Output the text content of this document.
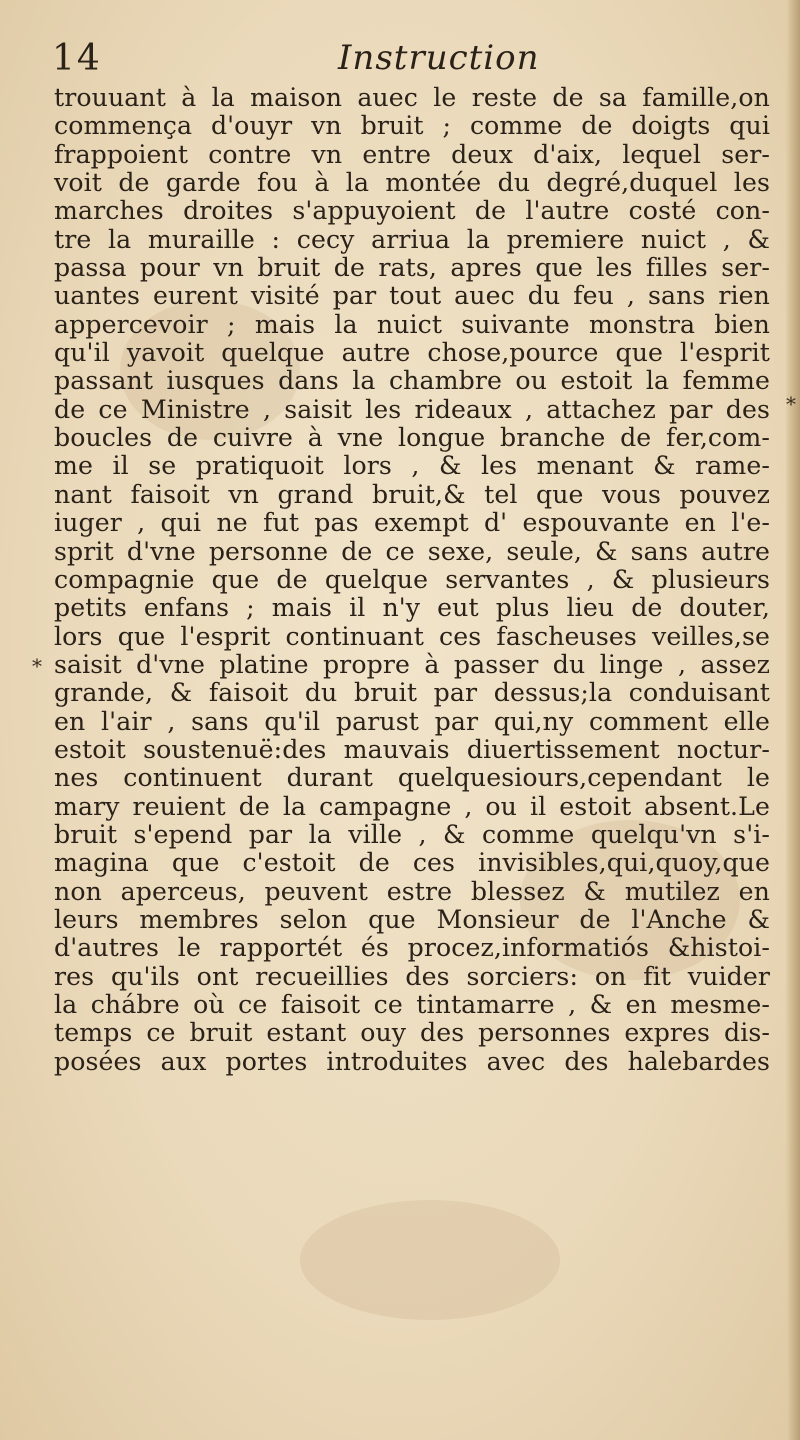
14	Instruction
*
*
trouuant à la maison auec le reste de sa famille,on
commença d'ouyr vn bruit ; comme de doigts qui
frappoient contre vn entre deux d'aix, lequel ser-
voit de garde fou à la montée du degré,duquel les
marches droites s'appuyoient de l'autre costé con-
tre la muraille : cecy arriua la premiere nuict , &
passa pour vn bruit de rats, apres que les filles ser-
uantes eurent visité par tout auec du feu , sans rien
appercevoir ; mais la nuict suivante monstra bien
qu'il yavoit quelque autre chose,pource que l'esprit
passant iusques dans la chambre ou estoit la femme
de ce Ministre , saisit les rideaux , attachez par des
boucles de cuivre à vne longue branche de fer,com-
me il se pratiquoit lors , & les menant & rame-
nant faisoit vn grand bruit,& tel que vous pouvez
iuger , qui ne fut pas exempt d' espouvante en l'e-
sprit d'vne personne de ce sexe, seule, & sans autre
compagnie que de quelque servantes , & plusieurs
petits enfans ; mais il n'y eut plus lieu de douter,
lors que l'esprit continuant ces fascheuses veilles,se
saisit d'vne platine propre à passer du linge , assez
grande, & faisoit du bruit par dessus;la conduisant
en l'air , sans qu'il parust par qui,ny comment elle
estoit soustenuë:des mauvais diuertissement noctur-
nes continuent durant quelquesiours,cependant le
mary reuient de la campagne , ou il estoit absent.Le
bruit s'epend par la ville , & comme quelqu'vn s'i-
magina que c'estoit de ces invisibles,qui,quoy,que
non aperceus, peuvent estre blessez & mutilez en
leurs membres selon que Monsieur de l'Anche &
d'autres le rapportét és procez,informatiós &histoi-
res qu'ils ont recueillies des sorciers: on fit vuider
la chábre où ce faisoit ce tintamarre , & en mesme-
temps ce bruit estant ouy des personnes expres dis-
posées aux portes introduites avec des halebardes
